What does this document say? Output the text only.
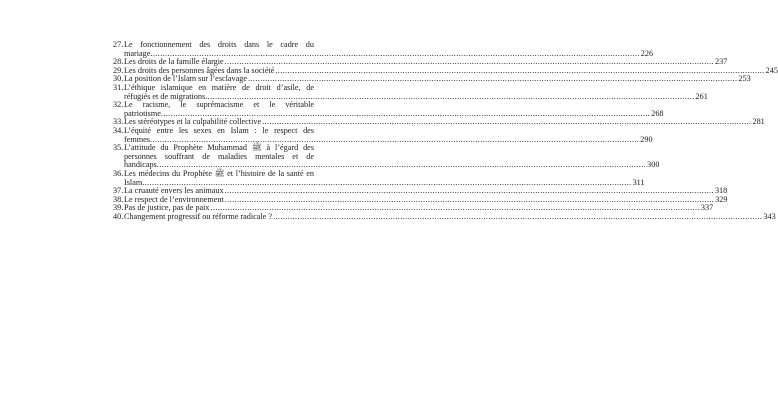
27. Le fonctionnement des droits dans le cadre du
mariage ........................................................................................................................................................................................................ 226
28. Les droits de la famille élargie ........................................................................................................................................................................................................ 237
29. Les droits des personnes âgées dans la société ........................................................................................................................................................................................................ 245
30. La position de l’Islam sur l’esclavage ........................................................................................................................................................................................................ 253
31. L’éthique islamique en matière de droit d’asile, de
réfugiés et de migrations ........................................................................................................................................................................................................ 261
32. Le racisme, le suprémacisme et le véritable
patriotisme ........................................................................................................................................................................................................ 268
33. Les stéréotypes et la culpabilité collective ........................................................................................................................................................................................................ 281
34. L’équité entre les sexes en Islam : le respect des
femmes ........................................................................................................................................................................................................ 290
35. L’attitude du Prophète Muhammad ﷺ à l’égard des
personnes souffrant de maladies mentales et de
handicaps ........................................................................................................................................................................................................ 300
36. Les médecins du Prophète ﷺ et l’histoire de la santé en
Islam ........................................................................................................................................................................................................ 311
37. La cruauté envers les animaux ........................................................................................................................................................................................................ 318
38. Le respect de l’environnement ........................................................................................................................................................................................................ 329
39. Pas de justice, pas de paix ........................................................................................................................................................................................................ 337
40. Changement progressif ou réforme radicale ? ........................................................................................................................................................................................................ 343
